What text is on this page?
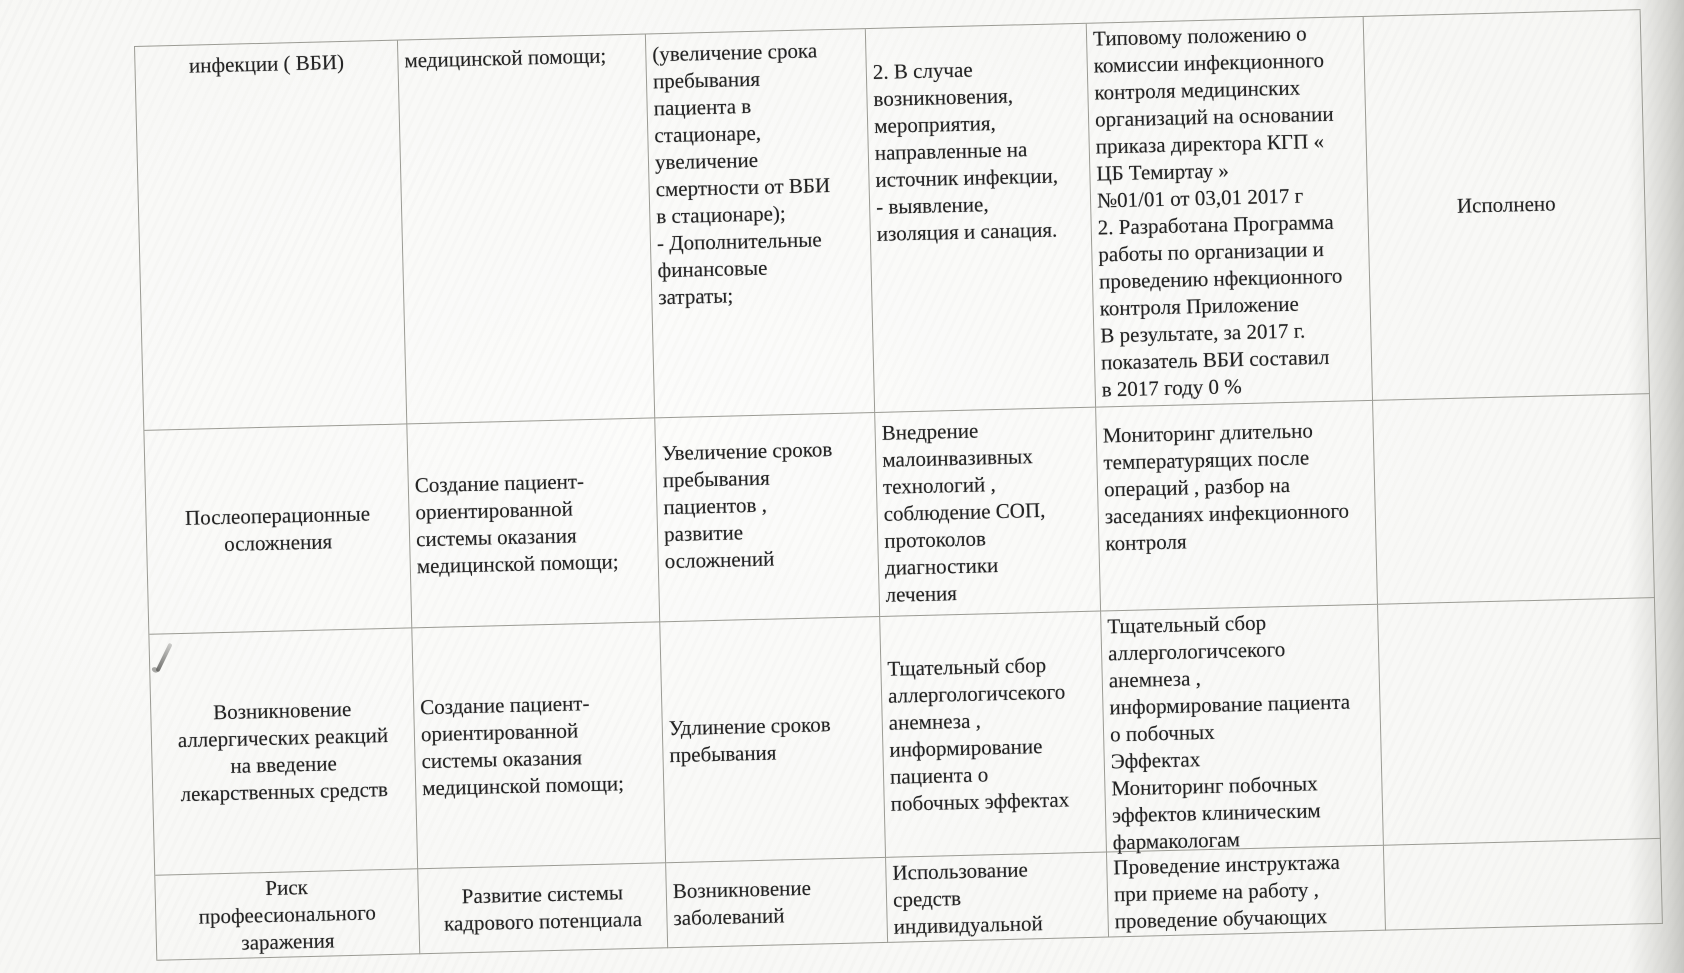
инфекции ( ВБИ)	медицинской помощи;	(увеличение срока
пребывания
пациента в
стационаре,
увеличение
смертности от ВБИ
в стационаре);
- Дополнительные
финансовые
затраты;
2. В случае
возникновения,
мероприятия,
направленные на
источник инфекции,
- выявление,
изоляция и санация.
Типовому положению о
комиссии инфекционного
контроля медицинских
организаций на основании
приказа директора КГП «
ЦБ Темиртау »
№01/01 от 03,01 2017 г
2. Разработана Программа
работы по организации и
проведению нфекционного
контроля Приложение
В результате, за 2017 г.
показатель ВБИ составил
в 2017 году 0 %
Исполнено
Послеоперационные
осложнения
Создание пациент-
ориентированной
системы оказания
медицинской помощи;
Увеличение сроков
пребывания
пациентов ,
развитие
осложнений
Внедрение
малоинвазивных
технологий ,
соблюдение СОП,
протоколов
диагностики
лечения
Мониторинг длительно
температурящих после
операций , разбор на
заседаниях инфекционного
контроля
Возникновение
аллергических реакций
на введение
лекарственных средств
Создание пациент-
ориентированной
системы оказания
медицинской помощи;
Удлинение сроков
пребывания
Тщательный сбор
аллергологичсекого
анемнеза ,
информирование
пациента о
побочных эффектах
Тщательный сбор
аллергологичсекого
анемнеза ,
информирование пациента
о побочных
Эффектах
Мониторинг побочных
эффектов клиническим
фармакологам
Риск
профеесионального
заражения
Развитие системы
кадрового потенциала
Возникновение
заболеваний
Использование
средств
индивидуальной
Проведение инструктажа
при приеме на работу ,
проведение обучающих
